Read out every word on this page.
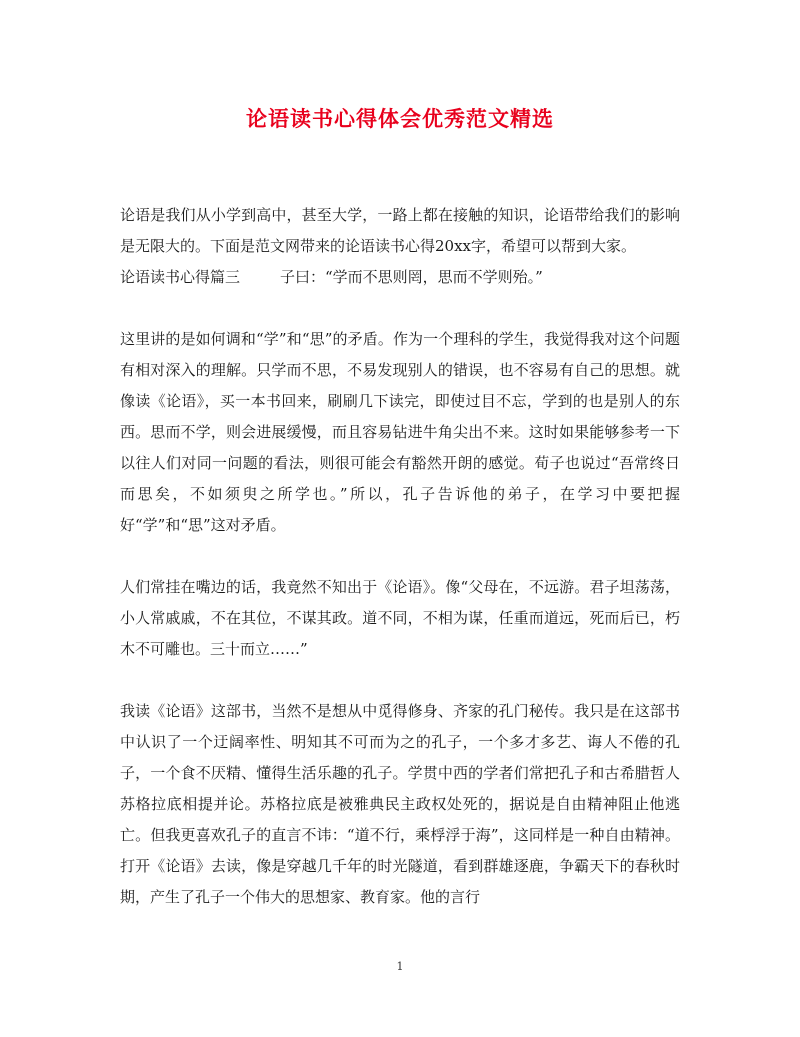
论语读书心得体会优秀范文精选

论语是我们从小学到高中，甚至大学，一路上都在接触的知识，论语带给我们的影响是无限大的。下面是范文网带来的论语读书心得20xx字，希望可以帮到大家。

论语读书心得篇三	子曰：“学而不思则罔，思而不学则殆。”

这里讲的是如何调和“学”和“思”的矛盾。作为一个理科的学生，我觉得我对这个问题有相对深入的理解。只学而不思，不易发现别人的错误，也不容易有自己的思想。就像读《论语》，买一本书回来，刷刷几下读完，即使过目不忘，学到的也是别人的东西。思而不学，则会进展缓慢，而且容易钻进牛角尖出不来。这时如果能够参考一下以往人们对同一问题的看法，则很可能会有豁然开朗的感觉。荀子也说过“吾常终日而思矣，不如须臾之所学也。”所以，孔子告诉他的弟子，在学习中要把握好“学”和“思”这对矛盾。

人们常挂在嘴边的话，我竟然不知出于《论语》。像“父母在，不远游。君子坦荡荡，小人常戚戚，不在其位，不谋其政。道不同，不相为谋，任重而道远，死而后已，朽木不可雕也。三十而立……”

我读《论语》这部书，当然不是想从中觅得修身、齐家的孔门秘传。我只是在这部书中认识了一个迂阔率性、明知其不可而为之的孔子，一个多才多艺、诲人不倦的孔子，一个食不厌精、懂得生活乐趣的孔子。学贯中西的学者们常把孔子和古希腊哲人苏格拉底相提并论。苏格拉底是被雅典民主政权处死的，据说是自由精神阻止他逃亡。但我更喜欢孔子的直言不讳：“道不行，乘桴浮于海”，这同样是一种自由精神。打开《论语》去读，像是穿越几千年的时光隧道，看到群雄逐鹿，争霸天下的春秋时期，产生了孔子一个伟大的思想家、教育家。他的言行

1
